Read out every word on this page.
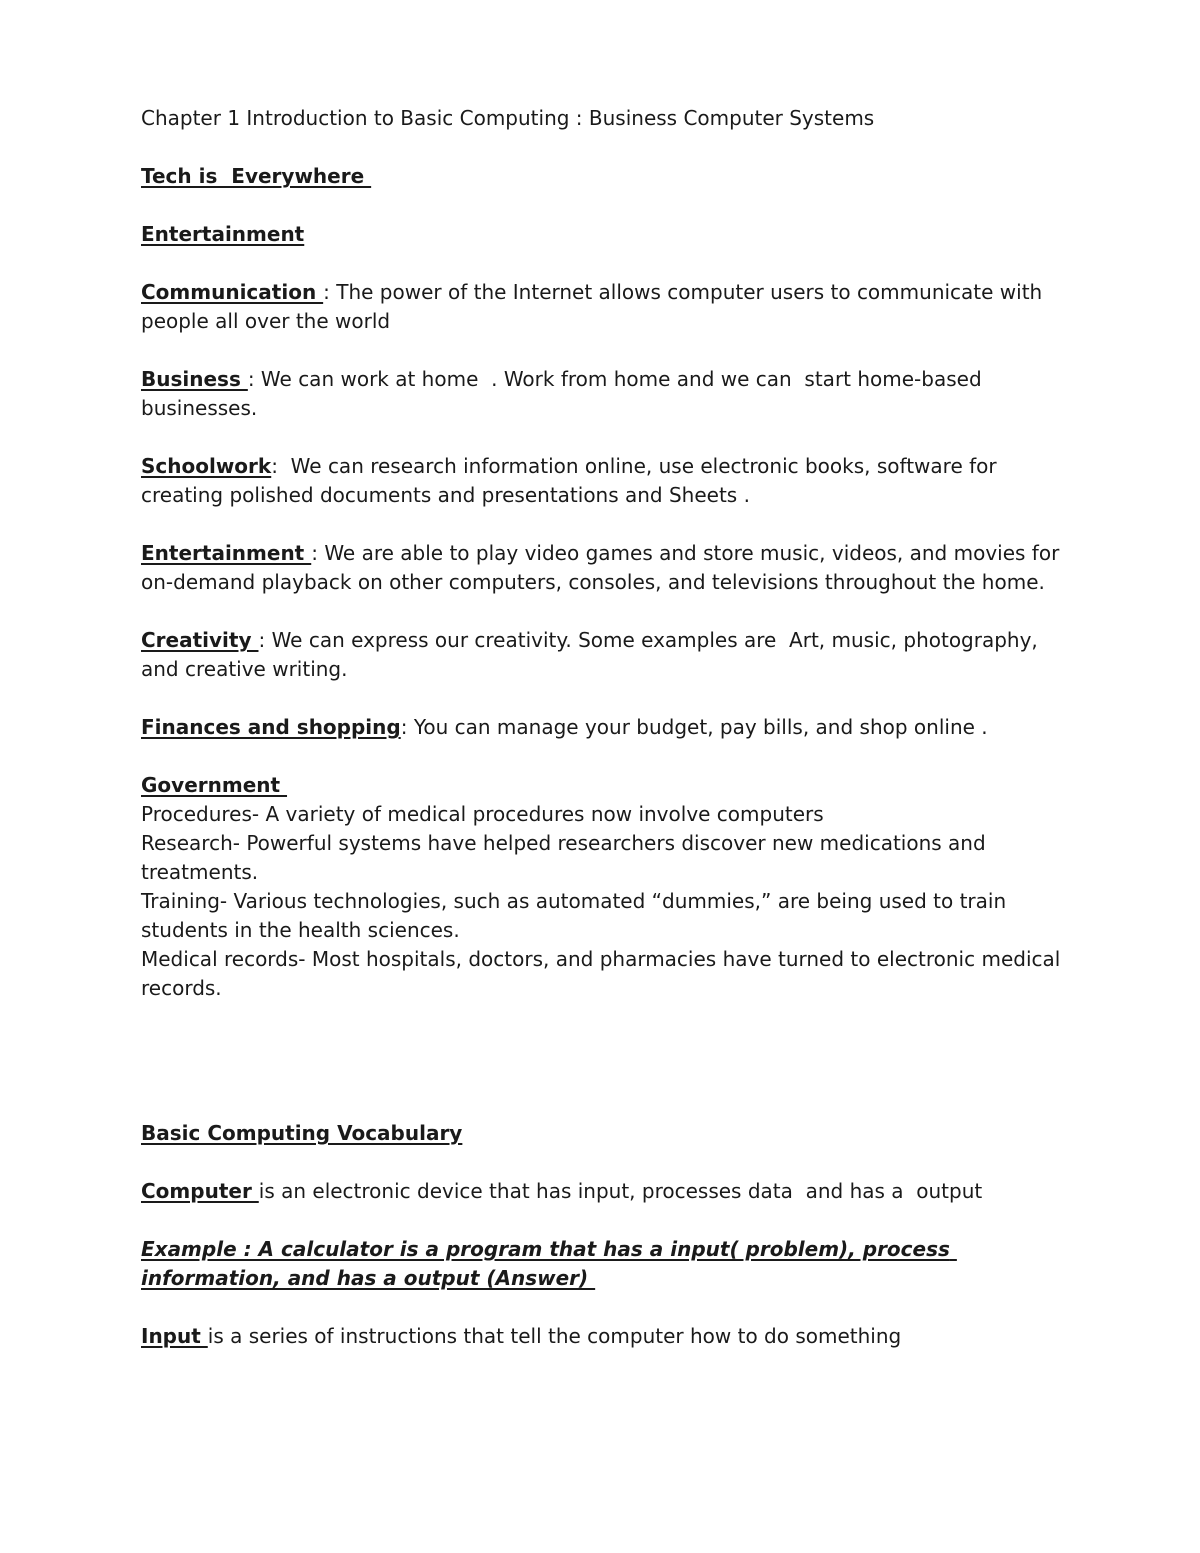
Chapter 1 Introduction to Basic Computing : Business Computer Systems

Tech is  Everywhere

Entertainment

Communication : The power of the Internet allows computer users to communicate with people all over the world

Business : We can work at home  . Work from home and we can  start home-based businesses.

Schoolwork:  We can research information online, use electronic books, software for creating polished documents and presentations and Sheets .

Entertainment : We are able to play video games and store music, videos, and movies for on-demand playback on other computers, consoles, and televisions throughout the home.

Creativity : We can express our creativity. Some examples are  Art, music, photography, and creative writing.

Finances and shopping: You can manage your budget, pay bills, and shop online .

Government

Procedures- A variety of medical procedures now involve computers

Research- Powerful systems have helped researchers discover new medications and treatments.

Training- Various technologies, such as automated “dummies,” are being used to train students in the health sciences.

Medical records- Most hospitals, doctors, and pharmacies have turned to electronic medical records.

Basic Computing Vocabulary

Computer is an electronic device that has input, processes data  and has a  output

Example : A calculator is a program that has a input( problem), process information, and has a output (Answer)

Input is a series of instructions that tell the computer how to do something
